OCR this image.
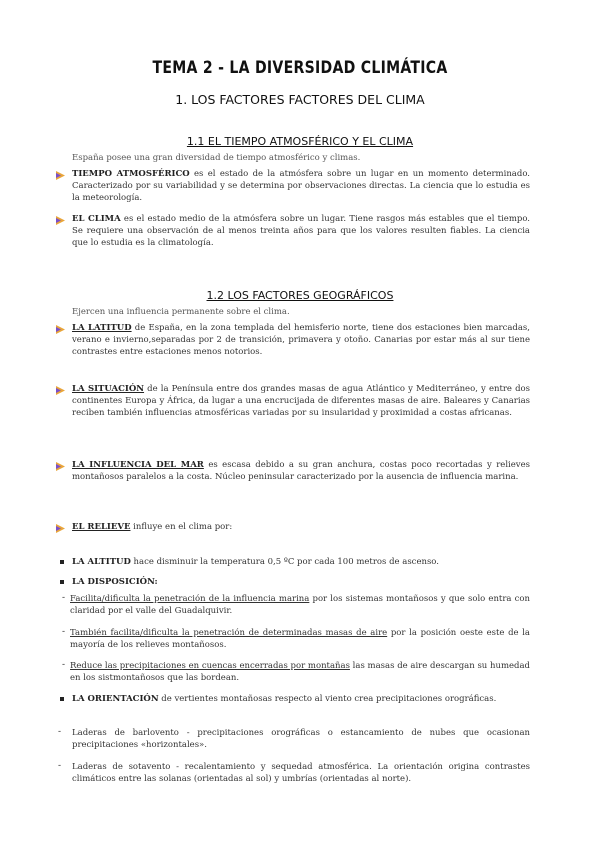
TEMA 2 - LA DIVERSIDAD CLIMÁTICA
1. LOS FACTORES FACTORES DEL CLIMA
1.1 EL TIEMPO ATMOSFÉRICO Y EL CLIMA
España posee una gran diversidad de tiempo atmosférico y climas.
TIEMPO ATMOSFÉRICO es el estado de la atmósfera sobre un lugar en un momento determinado. Caracterizado por su variabilidad y se determina por observaciones directas. La ciencia que lo estudia es la meteorología.
EL CLIMA es el estado medio de la atmósfera sobre un lugar. Tiene rasgos más estables que el tiempo. Se requiere una observación de al menos treinta años para que los valores resulten fiables. La ciencia que lo estudia es la climatología.
1.2 LOS FACTORES GEOGRÁFICOS
Ejercen una influencia permanente sobre el clima.
LA LATITUD de España, en la zona templada del hemisferio norte, tiene dos estaciones bien marcadas, verano e invierno,separadas por 2 de transición, primavera y otoño. Canarias por estar más al sur tiene contrastes entre estaciones menos notorios.
LA SITUACIÓN de la Península entre dos grandes masas de agua Atlántico y Mediterráneo, y entre dos continentes Europa y África, da lugar a una encrucijada de diferentes masas de aire. Baleares y Canarias reciben también influencias atmosféricas variadas por su insularidad y proximidad a costas africanas.
LA INFLUENCIA DEL MAR es escasa debido a su gran anchura, costas poco recortadas y relieves montañosos paralelos a la costa. Núcleo peninsular caracterizado por la ausencia de influencia marina.
EL RELIEVE influye en el clima por:
LA ALTITUD hace disminuir la temperatura 0,5 ºC por cada 100 metros de ascenso.
LA DISPOSICIÓN:
- Facilita/dificulta la penetración de la influencia marina por los sistemas montañosos y que solo entra con claridad por el valle del Guadalquivir.
- También facilita/dificulta la penetración de determinadas masas de aire por la posición oeste este de la mayoría de los relieves montañosos.
- Reduce las precipitaciones en cuencas encerradas por montañas las masas de aire descargan su humedad en los sistmontañosos que las bordean.
LA ORIENTACIÓN de vertientes montañosas respecto al viento crea precipitaciones orográficas.
- Laderas de barlovento - precipitaciones orográficas o estancamiento de nubes que ocasionan precipitaciones «horizontales».
- Laderas de sotavento - recalentamiento y sequedad atmosférica. La orientación origina contrastes climáticos entre las solanas (orientadas al sol) y umbrías (orientadas al norte).
